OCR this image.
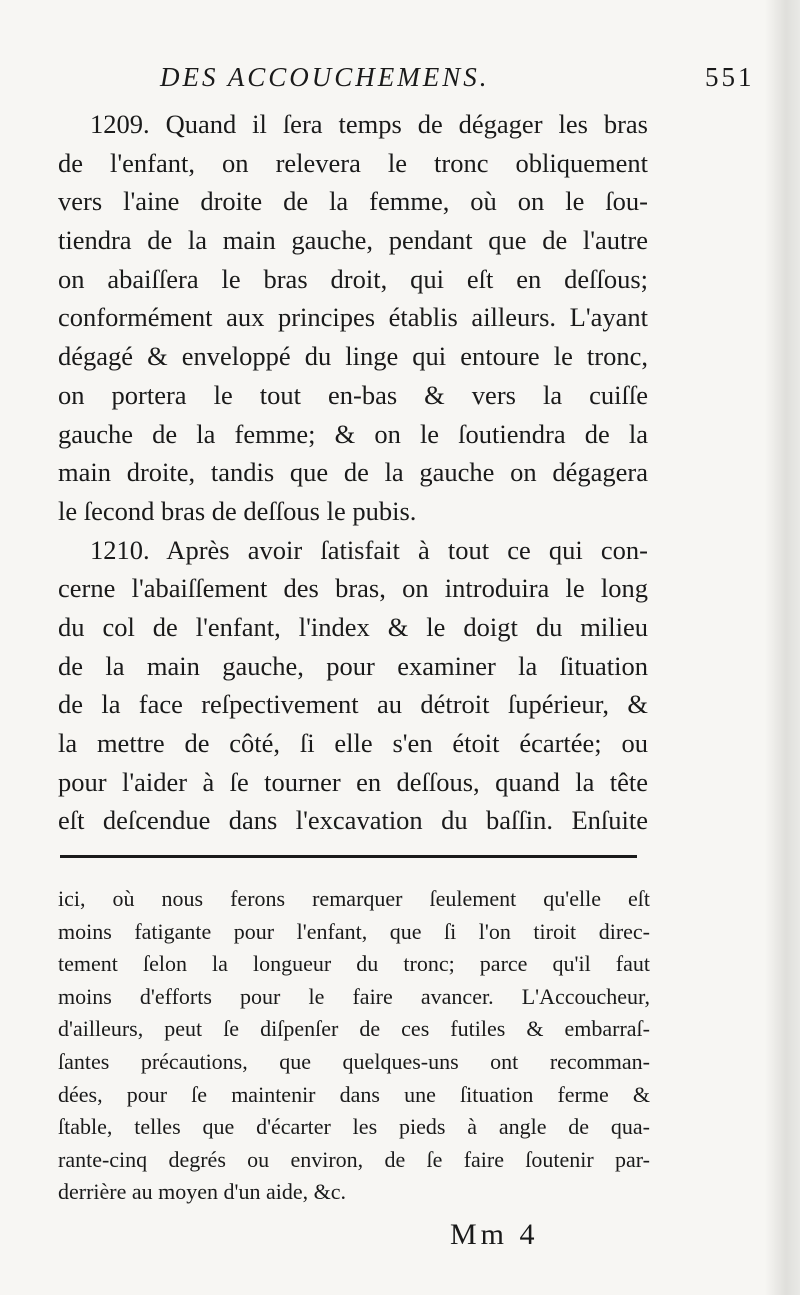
DES ACCOUCHEMENS.	551
1209. Quand il ſera temps de dégager les bras
de l'enfant, on relevera le tronc obliquement
vers l'aine droite de la femme, où on le ſou-
tiendra de la main gauche, pendant que de l'autre
on abaiſſera le bras droit, qui eſt en deſſous;
conformément aux principes établis ailleurs. L'ayant
dégagé & enveloppé du linge qui entoure le tronc,
on portera le tout en-bas & vers la cuiſſe
gauche de la femme; & on le ſoutiendra de la
main droite, tandis que de la gauche on dégagera
le ſecond bras de deſſous le pubis.
1210. Après avoir ſatisfait à tout ce qui con-
cerne l'abaiſſement des bras, on introduira le long
du col de l'enfant, l'index & le doigt du milieu
de la main gauche, pour examiner la ſituation
de la face reſpectivement au détroit ſupérieur, &
la mettre de côté, ſi elle s'en étoit écartée; ou
pour l'aider à ſe tourner en deſſous, quand la tête
eſt deſcendue dans l'excavation du baſſin. Enſuite
ici, où nous ferons remarquer ſeulement qu'elle eſt
moins fatigante pour l'enfant, que ſi l'on tiroit direc-
tement ſelon la longueur du tronc; parce qu'il faut
moins d'efforts pour le faire avancer. L'Accoucheur,
d'ailleurs, peut ſe diſpenſer de ces futiles & embarraſ-
ſantes précautions, que quelques-uns ont recomman-
dées, pour ſe maintenir dans une ſituation ferme &
ſtable, telles que d'écarter les pieds à angle de qua-
rante-cinq degrés ou environ, de ſe faire ſoutenir par-
derrière au moyen d'un aide, &c.
Mm 4
